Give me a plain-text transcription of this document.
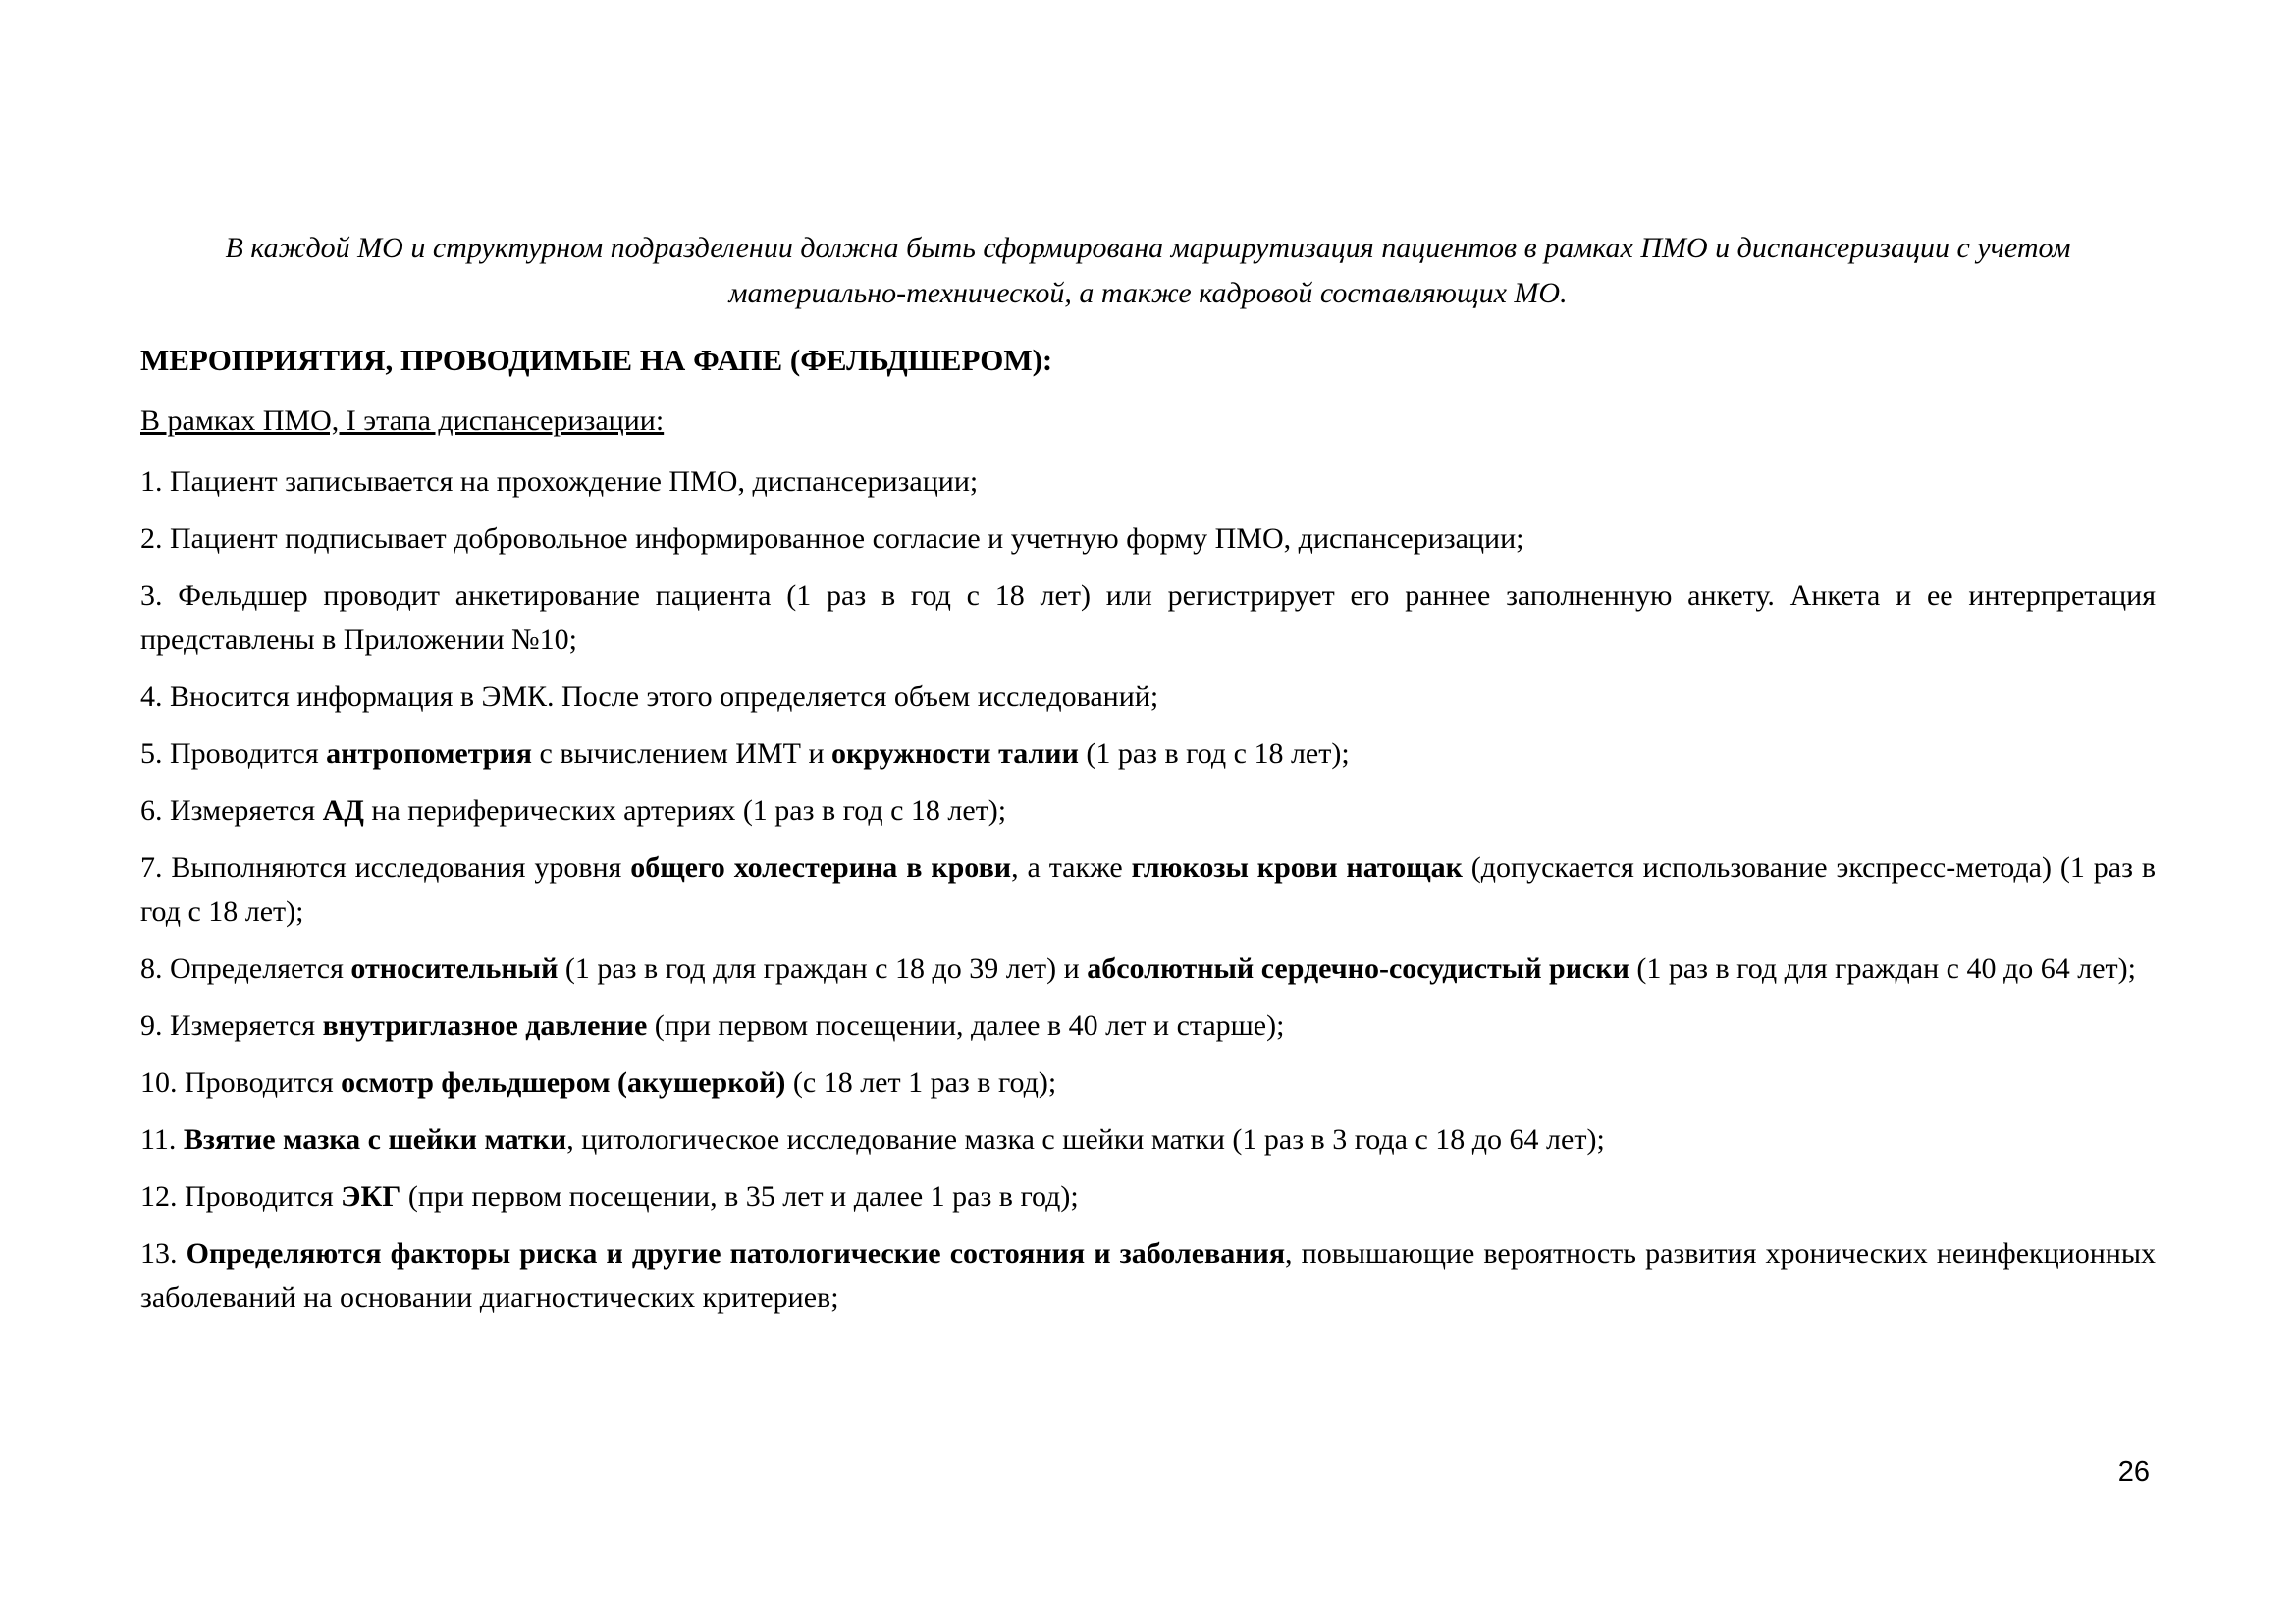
В каждой МО и структурном подразделении должна быть сформирована маршрутизация пациентов в рамках ПМО и диспансеризации с учетом материально-технической, а также кадровой составляющих МО.

МЕРОПРИЯТИЯ, ПРОВОДИМЫЕ НА ФАПЕ (ФЕЛЬДШЕРОМ):

В рамках ПМО, I этапа диспансеризации:

1. Пациент записывается на прохождение ПМО, диспансеризации;

2. Пациент подписывает добровольное информированное согласие и учетную форму ПМО, диспансеризации;

3. Фельдшер проводит анкетирование пациента (1 раз в год с 18 лет) или регистрирует его раннее заполненную анкету. Анкета и ее интерпретация представлены в Приложении №10;

4. Вносится информация в ЭМК. После этого определяется объем исследований;

5. Проводится антропометрия с вычислением ИМТ и окружности талии (1 раз в год с 18 лет);

6. Измеряется АД на периферических артериях (1 раз в год с 18 лет);

7. Выполняются исследования уровня общего холестерина в крови, а также глюкозы крови натощак (допускается использование экспресс-метода) (1 раз в год с 18 лет);

8. Определяется относительный (1 раз в год для граждан с 18 до 39 лет) и абсолютный сердечно-сосудистый риски (1 раз в год для граждан с 40 до 64 лет);

9. Измеряется внутриглазное давление (при первом посещении, далее в 40 лет и старше);

10. Проводится осмотр фельдшером (акушеркой) (с 18 лет 1 раз в год);

11. Взятие мазка с шейки матки, цитологическое исследование мазка с шейки матки (1 раз в 3 года с 18 до 64 лет);

12. Проводится ЭКГ (при первом посещении, в 35 лет и далее 1 раз в год);

13. Определяются факторы риска и другие патологические состояния и заболевания, повышающие вероятность развития хронических неинфекционных заболеваний на основании диагностических критериев;

26
